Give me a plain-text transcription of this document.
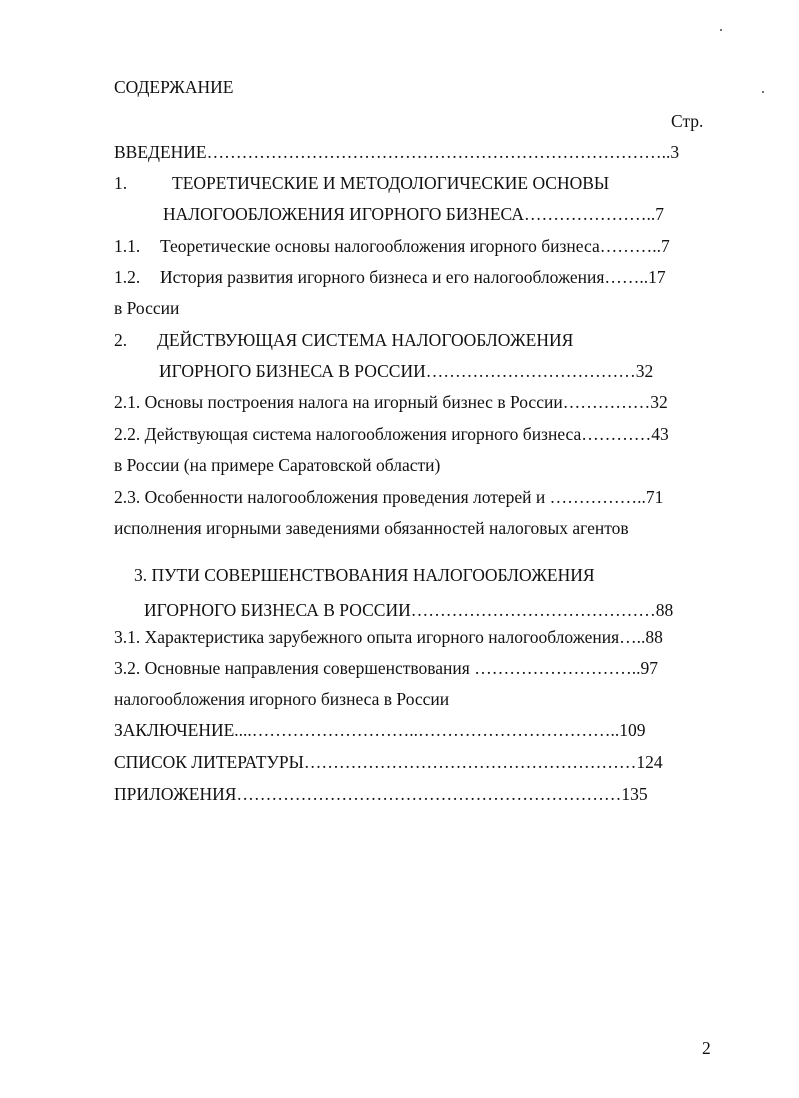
СОДЕРЖАНИЕ
Стр.
ВВЕДЕНИЕ……………………………………………………………………..3
1.	ТЕОРЕТИЧЕСКИЕ И МЕТОДОЛОГИЧЕСКИЕ ОСНОВЫ
НАЛОГООБЛОЖЕНИЯ ИГОРНОГО БИЗНЕСА…………………..7
1.1. Теоретические основы налогообложения игорного бизнеса………..7
1.2. История развития игорного бизнеса и его налогообложения……..17
в России
2. ДЕЙСТВУЮЩАЯ СИСТЕМА НАЛОГООБЛОЖЕНИЯ
ИГОРНОГО БИЗНЕСА В РОССИИ………………………………32
2.1. Основы построения налога на игорный бизнес в России……………32
2.2. Действующая система налогообложения игорного бизнеса…………43
в России (на примере Саратовской области)
2.3. Особенности налогообложения проведения лотерей и ……………..71
исполнения игорными заведениями обязанностей налоговых агентов
3. ПУТИ СОВЕРШЕНСТВОВАНИЯ НАЛОГООБЛОЖЕНИЯ
ИГОРНОГО БИЗНЕСА В РОССИИ……………………………………88
3.1. Характеристика зарубежного опыта игорного налогообложения…..88
3.2. Основные направления совершенствования ………………………..97
налогообложения игорного бизнеса в России
ЗАКЛЮЧЕНИЕ....………………………..……………………………..109
СПИСОК ЛИТЕРАТУРЫ…………………………………………………124
ПРИЛОЖЕНИЯ…………………………………………………………135
2
